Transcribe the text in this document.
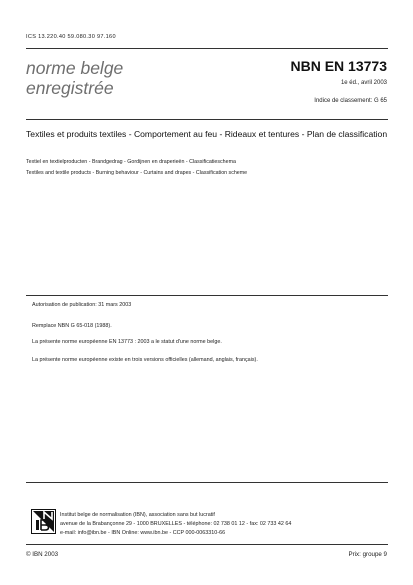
ICS 13.220.40 59.080.30 97.160
norme belge
enregistrée
NBN EN 13773
1e éd., avril 2003
Indice de classement: G 65
Textiles et produits textiles - Comportement au feu - Rideaux et tentures - Plan de classification
Textiel en textielproducten - Brandgedrag - Gordijnen en draperieën - Classificatieschema
Textiles and textile products - Burning behaviour - Curtains and drapes - Classification scheme
Autorisation de publication: 31 mars 2003
Remplace NBN G 65-018 (1988).
La présente norme européenne EN 13773 : 2003 a le statut d'une norme belge.
La présente norme européenne existe en trois versions officielles (allemand, anglais, français).
Institut belge de normalisation (IBN), association sans but lucratif
avenue de la Brabançonne 29 - 1000 BRUXELLES - téléphone: 02 738 01 12 - fax: 02 733 42 64
e-mail: info@ibn.be - IBN Online: www.ibn.be - CCP 000-0063310-66
© IBN 2003	Prix: groupe 9
